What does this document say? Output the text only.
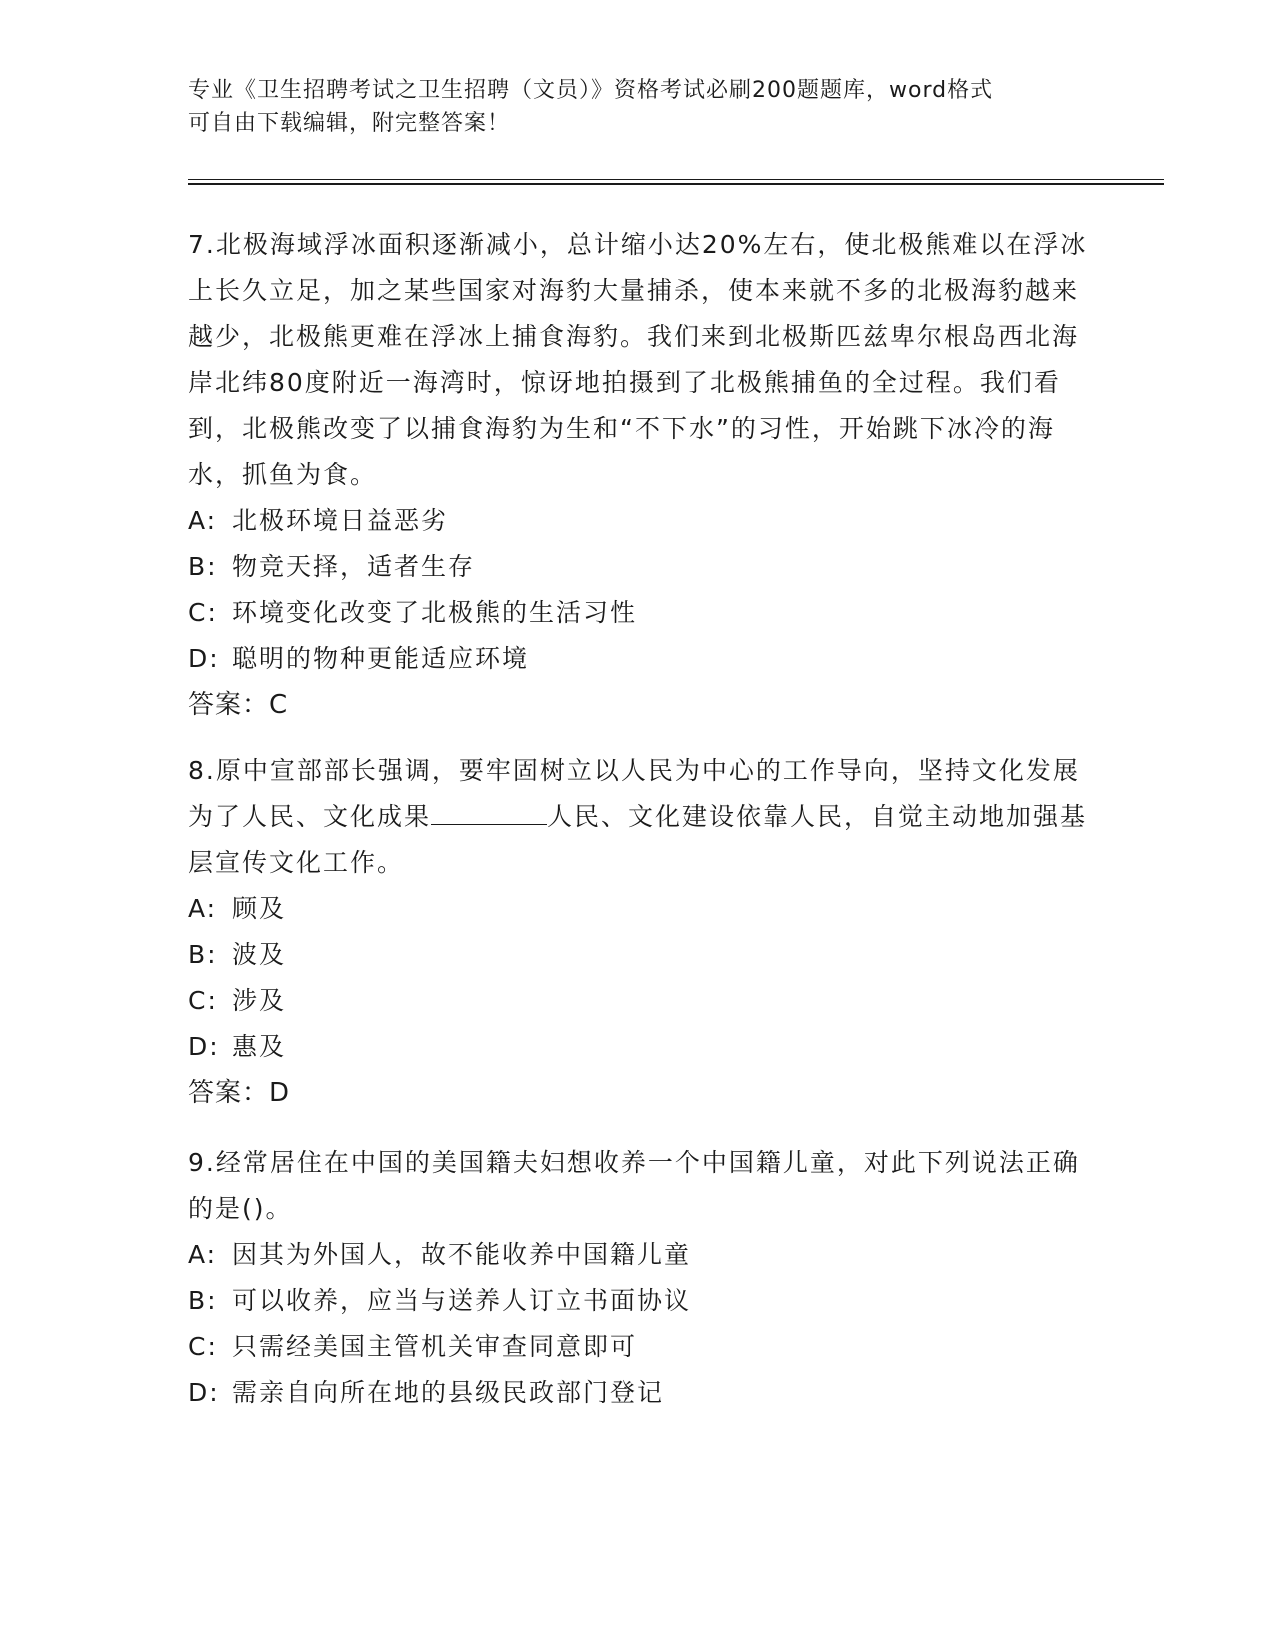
专业《卫生招聘考试之卫生招聘（文员）》资格考试必刷200题题库，word格式
可自由下载编辑，附完整答案！

7.北极海域浮冰面积逐渐减小，总计缩小达20%左右，使北极熊难以在浮冰上长久立足，加之某些国家对海豹大量捕杀，使本来就不多的北极海豹越来越少，北极熊更难在浮冰上捕食海豹。我们来到北极斯匹兹卑尔根岛西北海岸北纬80度附近一海湾时，惊讶地拍摄到了北极熊捕鱼的全过程。我们看到，北极熊改变了以捕食海豹为生和“不下水”的习性，开始跳下冰冷的海水，抓鱼为食。

A: 北极环境日益恶劣

B: 物竞天择，适者生存

C: 环境变化改变了北极熊的生活习性

D: 聪明的物种更能适应环境

答案：C

8.原中宣部部长强调，要牢固树立以人民为中心的工作导向，坚持文化发展为了人民、文化成果	人民、文化建设依靠人民，自觉主动地加强基层宣传文化工作。

A: 顾及

B: 波及

C: 涉及

D: 惠及

答案：D

9.经常居住在中国的美国籍夫妇想收养一个中国籍儿童，对此下列说法正确的是()。

A: 因其为外国人，故不能收养中国籍儿童

B: 可以收养，应当与送养人订立书面协议

C: 只需经美国主管机关审查同意即可

D: 需亲自向所在地的县级民政部门登记
